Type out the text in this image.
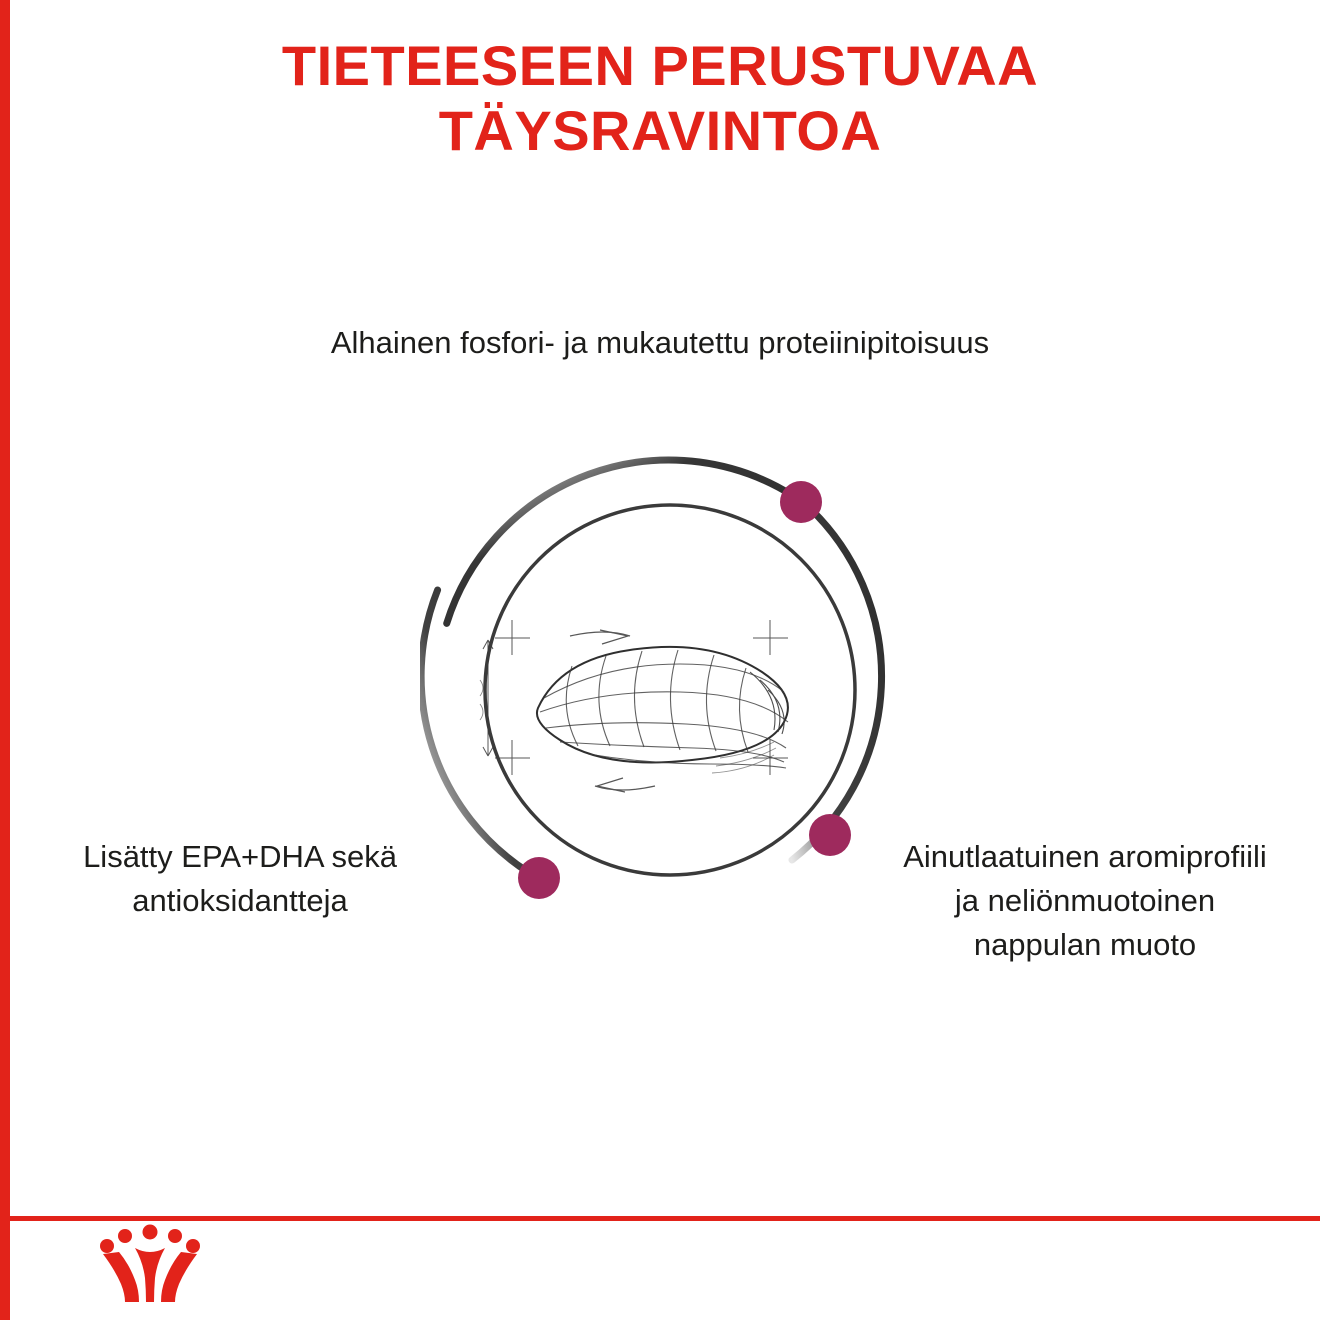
TIETEESEEN PERUSTUVAA
TÄYSRAVINTOA
Alhainen fosfori- ja mukautettu proteiinipitoisuus
Lisätty EPA+DHA sekä antioksidantteja
Ainutlaatuinen aromiprofiili ja neliönmuotoinen nappulan muoto
